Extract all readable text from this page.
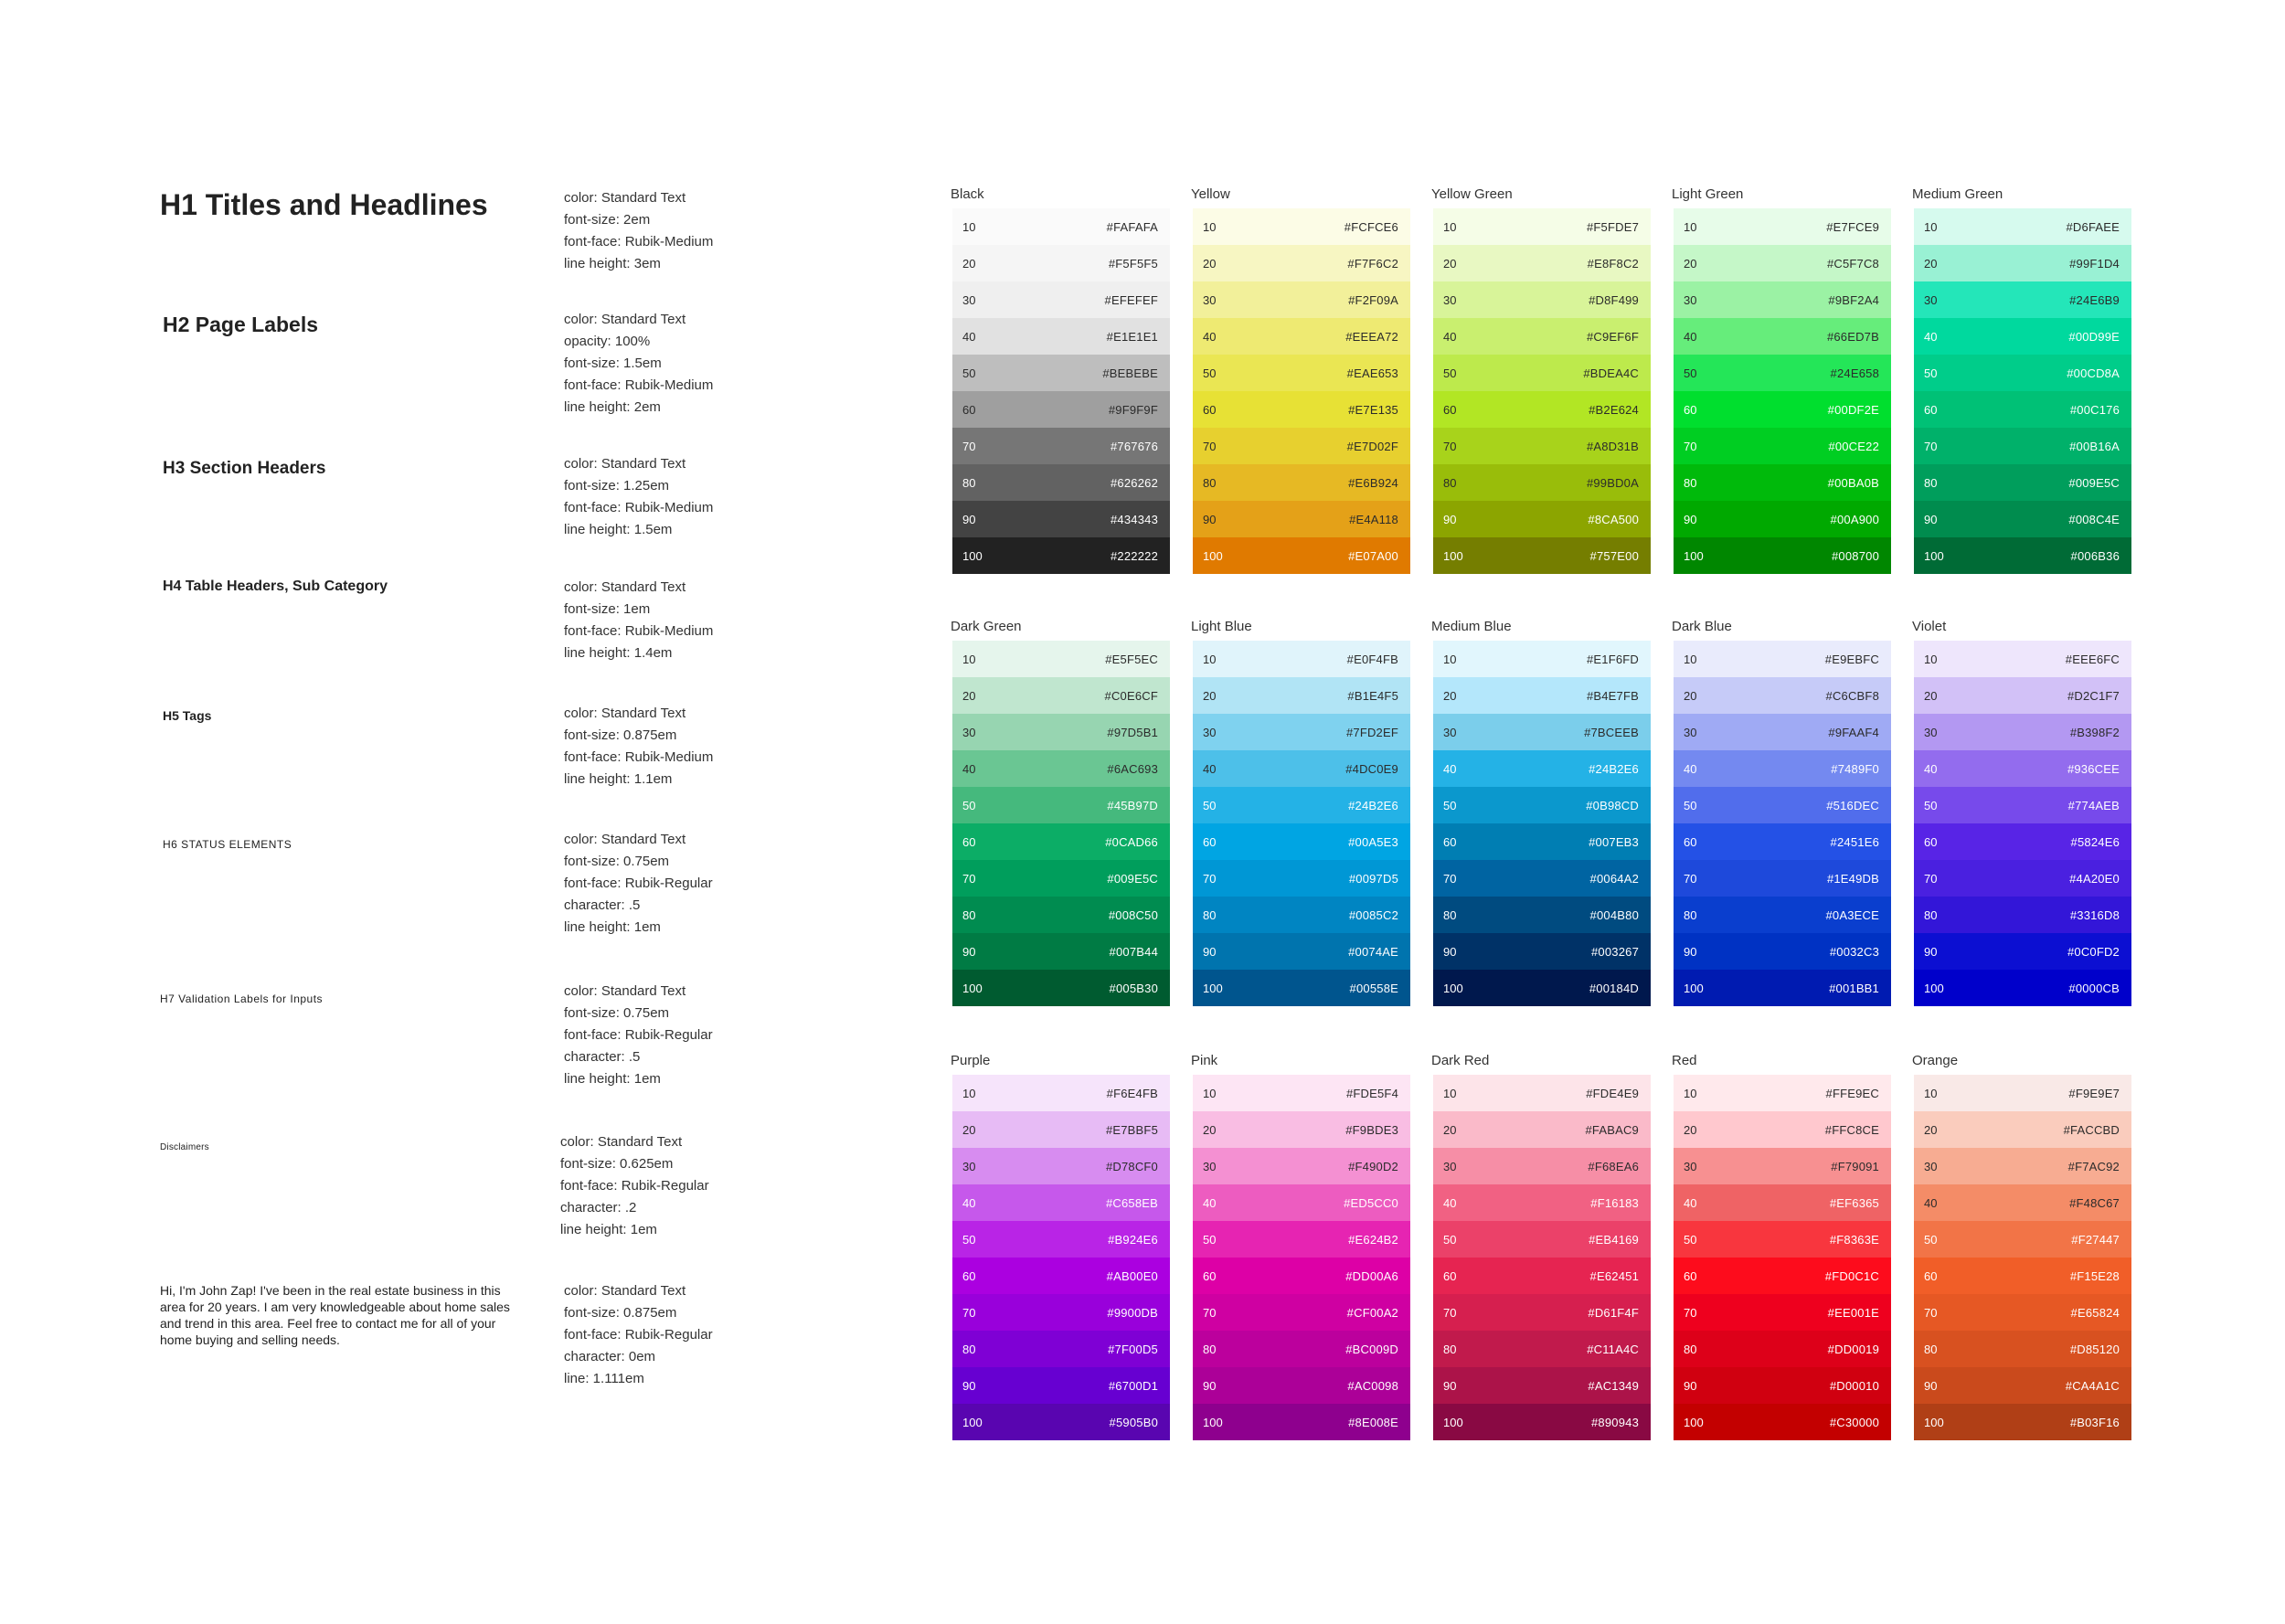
H1 Titles and Headlines	color: Standard Text
font-size: 2em
font-face: Rubik-Medium
line height: 3em
H2 Page Labels	color: Standard Text
opacity: 100%
font-size: 1.5em
font-face: Rubik-Medium
line height: 2em
H3 Section Headers	color: Standard Text
font-size: 1.25em
font-face: Rubik-Medium
line height: 1.5em
H4 Table Headers, Sub Category	color: Standard Text
font-size: 1em
font-face: Rubik-Medium
line height: 1.4em
H5 Tags	color: Standard Text
font-size: 0.875em
font-face: Rubik-Medium
line height: 1.1em
H6 STATUS ELEMENTS	color: Standard Text
font-size: 0.75em
font-face: Rubik-Regular
character: .5
line height: 1em
H7 Validation Labels for Inputs	color: Standard Text
font-size: 0.75em
font-face: Rubik-Regular
character: .5
line height: 1em
Disclaimers	color: Standard Text
font-size: 0.625em
font-face: Rubik-Regular
character: .2
line height: 1em
Hi, I'm John Zap! I've been in the real estate business in this area for 20 years. I am very knowledgeable about home sales and trend in this area. Feel free to contact me for all of your home buying and selling needs.
color: Standard Text
font-size: 0.875em
font-face: Rubik-Regular
character: 0em
line: 1.111em
Black
10	#FAFAFA
20	#F5F5F5
30	#EFEFEF
40	#E1E1E1
50	#BEBEBE
60	#9F9F9F
70	#767676
80	#626262
90	#434343
100	#222222
Yellow
10	#FCFCE6
20	#F7F6C2
30	#F2F09A
40	#EEEA72
50	#EAE653
60	#E7E135
70	#E7D02F
80	#E6B924
90	#E4A118
100	#E07A00
Yellow Green
10	#F5FDE7
20	#E8F8C2
30	#D8F499
40	#C9EF6F
50	#BDEA4C
60	#B2E624
70	#A8D31B
80	#99BD0A
90	#8CA500
100	#757E00
Light Green
10	#E7FCE9
20	#C5F7C8
30	#9BF2A4
40	#66ED7B
50	#24E658
60	#00DF2E
70	#00CE22
80	#00BA0B
90	#00A900
100	#008700
Medium Green
10	#D6FAEE
20	#99F1D4
30	#24E6B9
40	#00D99E
50	#00CD8A
60	#00C176
70	#00B16A
80	#009E5C
90	#008C4E
100	#006B36
Dark Green
10	#E5F5EC
20	#C0E6CF
30	#97D5B1
40	#6AC693
50	#45B97D
60	#0CAD66
70	#009E5C
80	#008C50
90	#007B44
100	#005B30
Light Blue
10	#E0F4FB
20	#B1E4F5
30	#7FD2EF
40	#4DC0E9
50	#24B2E6
60	#00A5E3
70	#0097D5
80	#0085C2
90	#0074AE
100	#00558E
Medium Blue
10	#E1F6FD
20	#B4E7FB
30	#7BCEEB
40	#24B2E6
50	#0B98CD
60	#007EB3
70	#0064A2
80	#004B80
90	#003267
100	#00184D
Dark Blue
10	#E9EBFC
20	#C6CBF8
30	#9FAAF4
40	#7489F0
50	#516DEC
60	#2451E6
70	#1E49DB
80	#0A3ECE
90	#0032C3
100	#001BB1
Violet
10	#EEE6FC
20	#D2C1F7
30	#B398F2
40	#936CEE
50	#774AEB
60	#5824E6
70	#4A20E0
80	#3316D8
90	#0C0FD2
100	#0000CB
Purple
10	#F6E4FB
20	#E7BBF5
30	#D78CF0
40	#C658EB
50	#B924E6
60	#AB00E0
70	#9900DB
80	#7F00D5
90	#6700D1
100	#5905B0
Pink
10	#FDE5F4
20	#F9BDE3
30	#F490D2
40	#ED5CC0
50	#E624B2
60	#DD00A6
70	#CF00A2
80	#BC009D
90	#AC0098
100	#8E008E
Dark Red
10	#FDE4E9
20	#FABAC9
30	#F68EA6
40	#F16183
50	#EB4169
60	#E62451
70	#D61F4F
80	#C11A4C
90	#AC1349
100	#890943
Red
10	#FFE9EC
20	#FFC8CE
30	#F79091
40	#EF6365
50	#F8363E
60	#FD0C1C
70	#EE001E
80	#DD0019
90	#D00010
100	#C30000
Orange
10	#F9E9E7
20	#FACCBD
30	#F7AC92
40	#F48C67
50	#F27447
60	#F15E28
70	#E65824
80	#D85120
90	#CA4A1C
100	#B03F16
